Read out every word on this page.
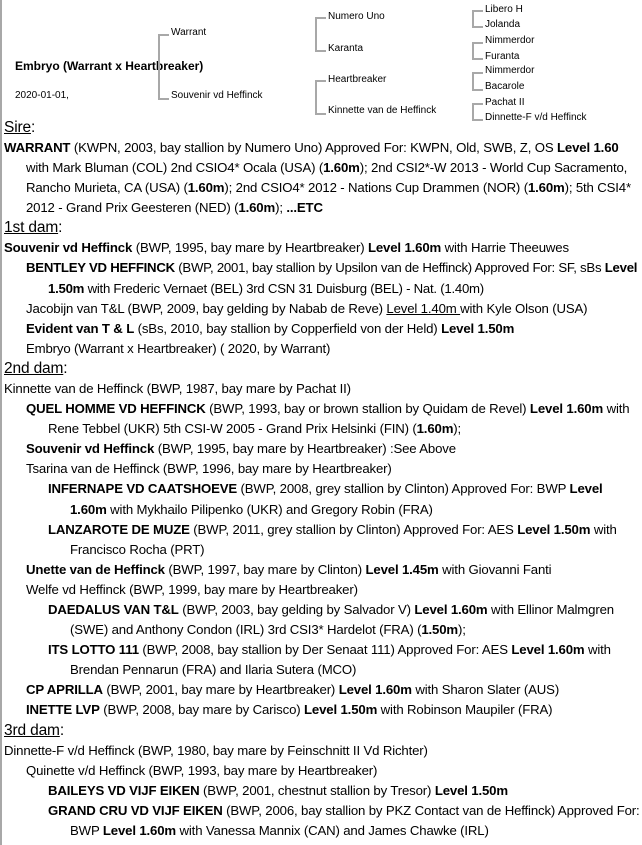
Embryo (Warrant x Heartbreaker)
2020-01-01,
Warrant
Souvenir vd Heffinck
Numero Uno
Karanta
Heartbreaker
Kinnette van de Heffinck
Libero H
Jolanda
Nimmerdor
Furanta
Nimmerdor
Bacarole
Pachat II
Dinnette-F v/d Heffinck
Sire:
WARRANT (KWPN, 2003, bay stallion by Numero Uno) Approved For: KWPN, Old, SWB, Z, OS Level 1.60 with Mark Bluman (COL) 2nd CSIO4* Ocala (USA) (1.60m); 2nd CSI2*-W 2013 - World Cup Sacramento, Rancho Murieta, CA (USA) (1.60m); 2nd CSIO4* 2012 - Nations Cup Drammen (NOR) (1.60m); 5th CSI4* 2012 - Grand Prix Geesteren (NED) (1.60m); ...ETC
1st dam:
Souvenir vd Heffinck (BWP, 1995, bay mare by Heartbreaker) Level 1.60m with Harrie Theeuwes
BENTLEY VD HEFFINCK (BWP, 2001, bay stallion by Upsilon van de Heffinck) Approved For: SF, sBs Level 1.50m with Frederic Vernaet (BEL) 3rd CSN 31 Duisburg (BEL) - Nat. (1.40m)
Jacobijn van T&L (BWP, 2009, bay gelding by Nabab de Reve) Level 1.40m with Kyle Olson (USA)
Evident van T & L (sBs, 2010, bay stallion by Copperfield von der Held) Level 1.50m
Embryo (Warrant x Heartbreaker) ( 2020, by Warrant)
2nd dam:
Kinnette van de Heffinck (BWP, 1987, bay mare by Pachat II)
QUEL HOMME VD HEFFINCK (BWP, 1993, bay or brown stallion by Quidam de Revel) Level 1.60m with Rene Tebbel (UKR) 5th CSI-W 2005 - Grand Prix Helsinki (FIN) (1.60m);
Souvenir vd Heffinck (BWP, 1995, bay mare by Heartbreaker) :See Above
Tsarina van de Heffinck (BWP, 1996, bay mare by Heartbreaker)
INFERNAPE VD CAATSHOEVE (BWP, 2008, grey stallion by Clinton) Approved For: BWP Level 1.60m with Mykhailo Pilipenko (UKR) and Gregory Robin (FRA)
LANZAROTE DE MUZE (BWP, 2011, grey stallion by Clinton) Approved For: AES Level 1.50m with Francisco Rocha (PRT)
Unette van de Heffinck (BWP, 1997, bay mare by Clinton) Level 1.45m with Giovanni Fanti
Welfe vd Heffinck (BWP, 1999, bay mare by Heartbreaker)
DAEDALUS VAN T&L (BWP, 2003, bay gelding by Salvador V) Level 1.60m with Ellinor Malmgren (SWE) and Anthony Condon (IRL) 3rd CSI3* Hardelot (FRA) (1.50m);
ITS LOTTO 111 (BWP, 2008, bay stallion by Der Senaat 111) Approved For: AES Level 1.60m with Brendan Pennarun (FRA) and Ilaria Sutera (MCO)
CP APRILLA (BWP, 2001, bay mare by Heartbreaker) Level 1.60m with Sharon Slater (AUS)
INETTE LVP (BWP, 2008, bay mare by Carisco) Level 1.50m with Robinson Maupiler (FRA)
3rd dam:
Dinnette-F v/d Heffinck (BWP, 1980, bay mare by Feinschnitt II Vd Richter)
Quinette v/d Heffinck (BWP, 1993, bay mare by Heartbreaker)
BAILEYS VD VIJF EIKEN (BWP, 2001, chestnut stallion by Tresor) Level 1.50m
GRAND CRU VD VIJF EIKEN (BWP, 2006, bay stallion by PKZ Contact van de Heffinck) Approved For: BWP Level 1.60m with Vanessa Mannix (CAN) and James Chawke (IRL)
